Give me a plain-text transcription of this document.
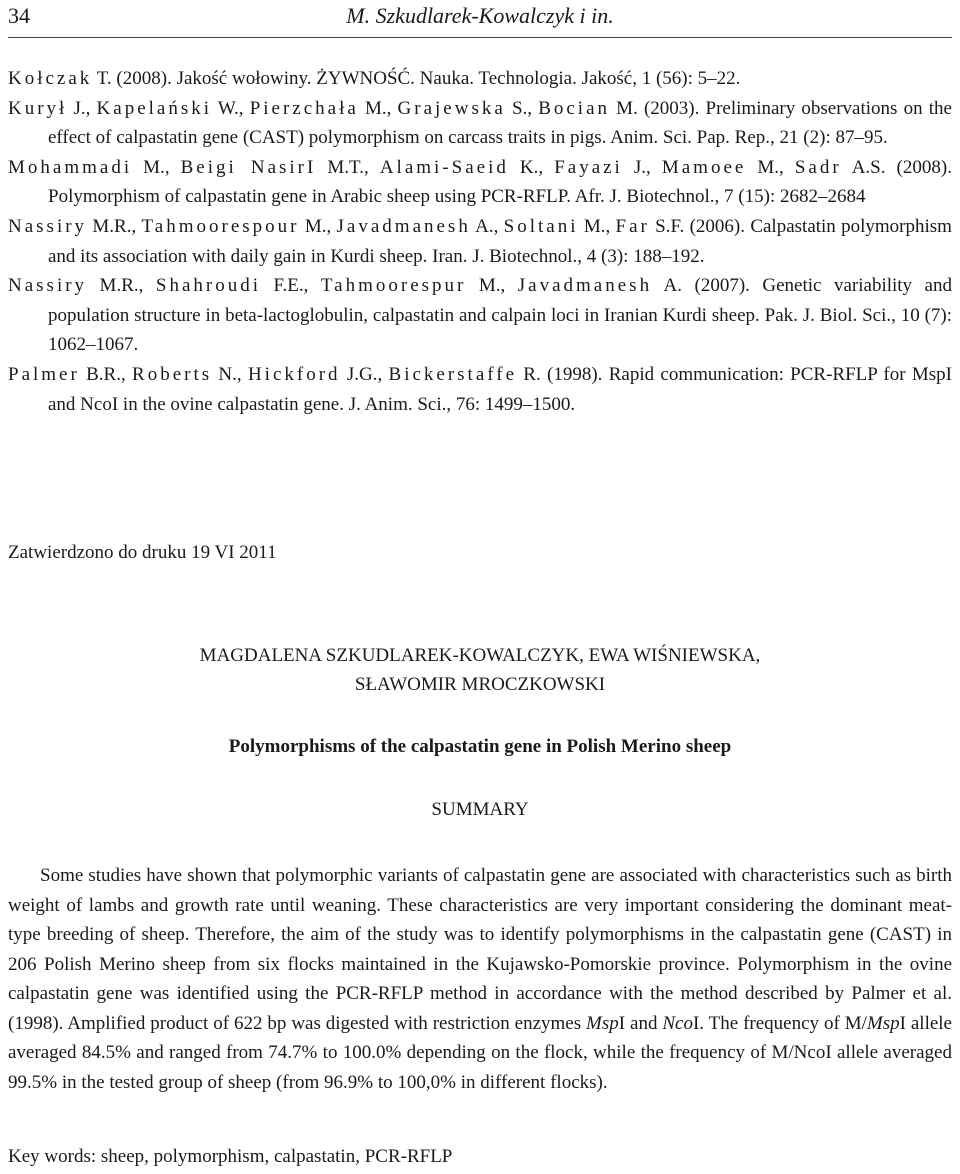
34	M. Szkudlarek-Kowalczyk i in.
Kołczak T. (2008). Jakość wołowiny. ŻYWNOŚĆ. Nauka. Technologia. Jakość, 1 (56): 5–22.
Kurył J., Kapelański W., Pierzchała M., Grajewska S., Bocian M. (2003). Preliminary observations on the effect of calpastatin gene (CAST) polymorphism on carcass traits in pigs. Anim. Sci. Pap. Rep., 21 (2): 87–95.
Mohammadi M., Beigi NasirI M.T., Alami-Saeid K., Fayazi J., Mamoee M., Sadr A.S. (2008). Polymorphism of calpastatin gene in Arabic sheep using PCR-RFLP. Afr. J. Biotechnol., 7 (15): 2682–2684
Nassiry M.R., Tahmoorespour M., Javadmanesh A., Soltani M., Far S.F. (2006). Calpastatin polymorphism and its association with daily gain in Kurdi sheep. Iran. J. Biotechnol., 4 (3): 188–192.
Nassiry M.R., Shahroudi F.E., Tahmoorespur M., Javadmanesh A. (2007). Genetic variability and population structure in beta-lactoglobulin, calpastatin and calpain loci in Iranian Kurdi sheep. Pak. J. Biol. Sci., 10 (7): 1062–1067.
Palmer B.R., Roberts N., Hickford J.G., Bickerstaffe R. (1998). Rapid communication: PCR-RFLP for MspI and NcoI in the ovine calpastatin gene. J. Anim. Sci., 76: 1499–1500.
Zatwierdzono do druku 19 VI 2011
MAGDALENA SZKUDLAREK-KOWALCZYK, EWA WIŚNIEWSKA,
SŁAWOMIR MROCZKOWSKI
Polymorphisms of the calpastatin gene in Polish Merino sheep
SUMMARY
Some studies have shown that polymorphic variants of calpastatin gene are associated with characteristics such as birth weight of lambs and growth rate until weaning. These characteristics are very important considering the dominant meat-type breeding of sheep. Therefore, the aim of the study was to identify polymorphisms in the calpastatin gene (CAST) in 206 Polish Merino sheep from six flocks maintained in the Kujawsko-Pomorskie province. Polymorphism in the ovine calpastatin gene was identified using the PCR-RFLP method in accordance with the method described by Palmer et al. (1998). Amplified product of 622 bp was digested with restriction enzymes MspI and NcoI. The frequency of M/MspI allele averaged 84.5% and ranged from 74.7% to 100.0% depending on the flock, while the frequency of M/NcoI allele averaged 99.5% in the tested group of sheep (from 96.9% to 100,0% in different flocks).
Key words: sheep, polymorphism, calpastatin, PCR-RFLP
